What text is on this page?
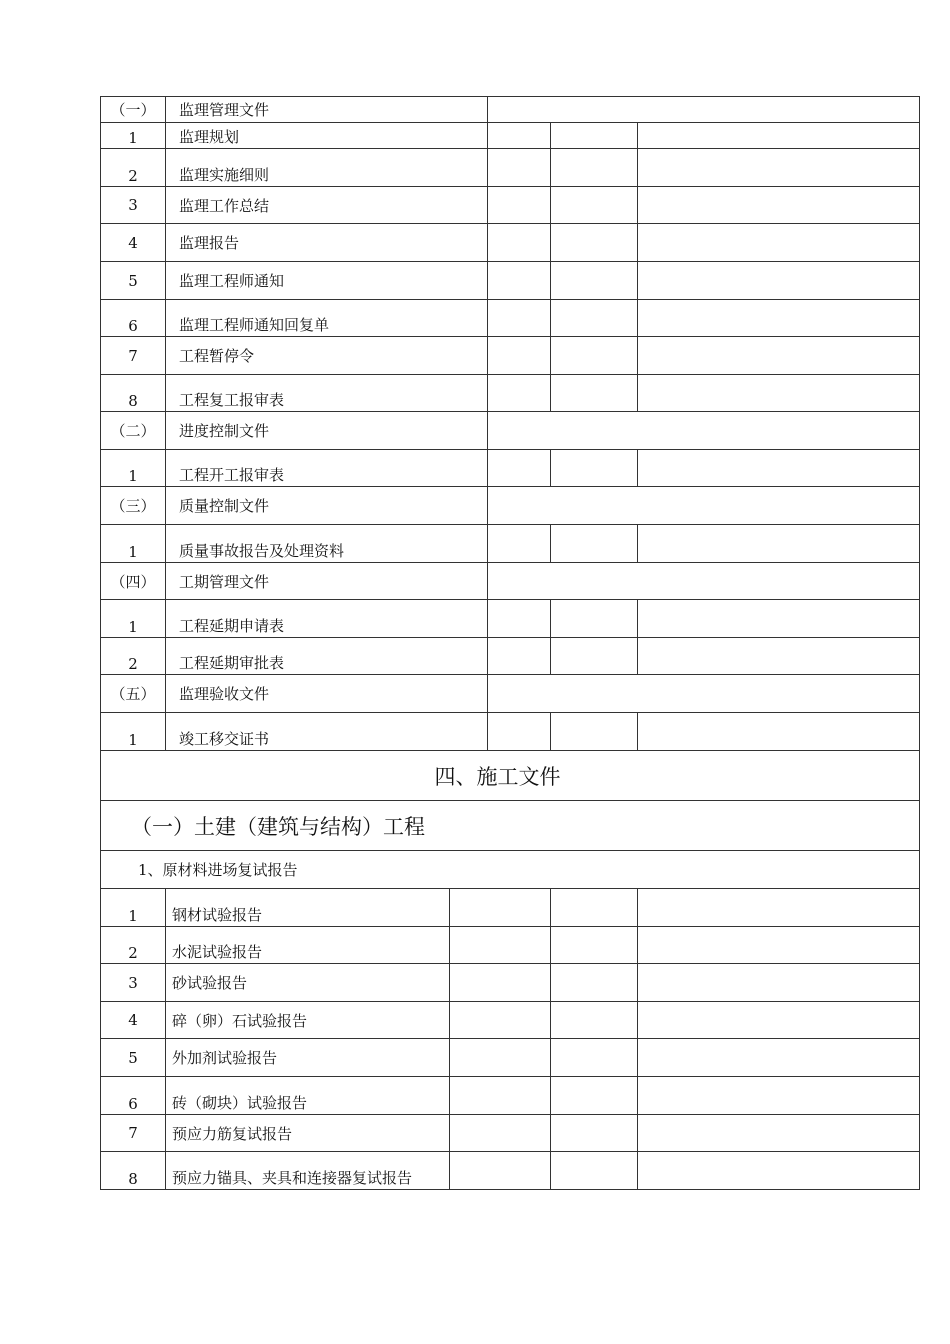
（一）	监理管理文件			
1	监理规划			
2	监理实施细则			
3	监理工作总结			
4	监理报告			
5	监理工程师通知			
6	监理工程师通知回复单			
7	工程暂停令			
8	工程复工报审表			
（二）	进度控制文件			
1	工程开工报审表			
（三）	质量控制文件			
1	质量事故报告及处理资料			
（四）	工期管理文件			
1	工程延期申请表			
2	工程延期审批表			
（五）	监理验收文件			
1	竣工移交证书			
四、施工文件				
（一）土建（建筑与结构）工程				
1、原材料进场复试报告				
1	钢材试验报告			
2	水泥试验报告			
3	砂试验报告			
4	碎（卵）石试验报告			
5	外加剂试验报告			
6	砖（砌块）试验报告			
7	预应力筋复试报告			
8	预应力锚具、夹具和连接器复试报告			
